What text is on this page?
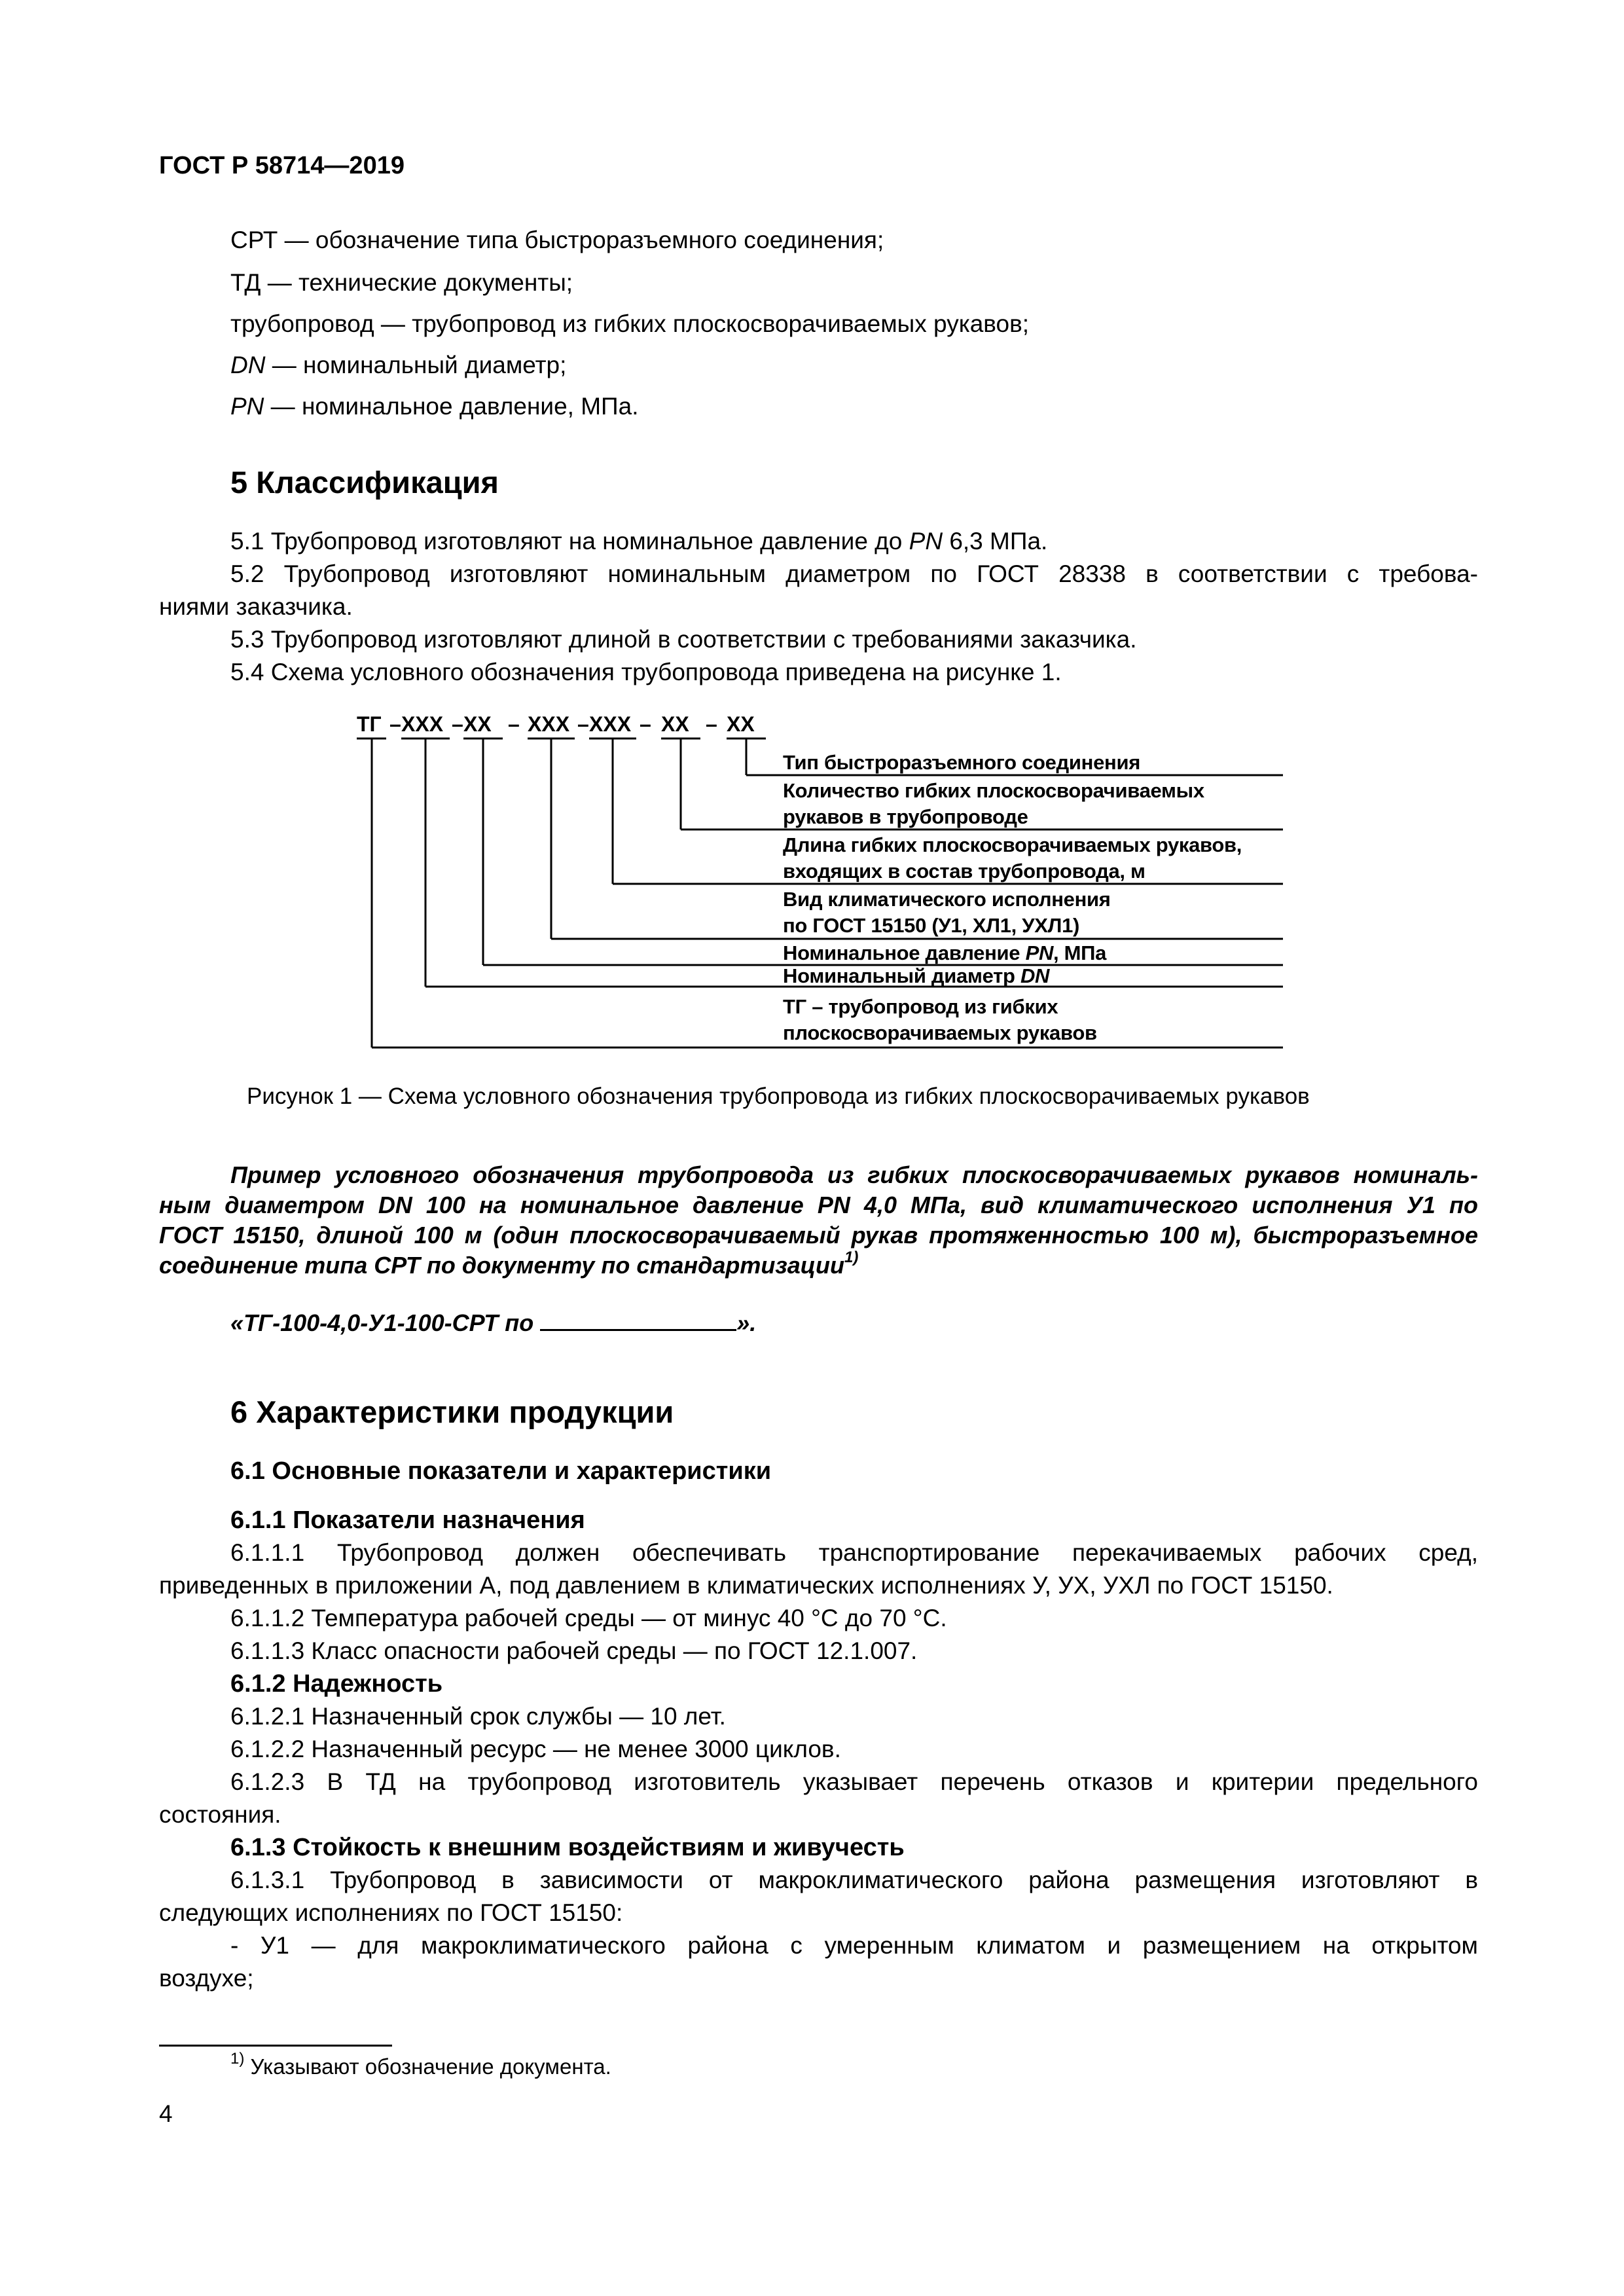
ГОСТ Р 58714—2019
СРТ — обозначение типа быстроразъемного соединения;
ТД — технические документы;
трубопровод — трубопровод из гибких плоскосворачиваемых рукавов;
DN — номинальный диаметр;
PN — номинальное давление, МПа.
5 Классификация
5.1 Трубопровод изготовляют на номинальное давление до PN 6,3 МПа.
5.2 Трубопровод изготовляют номинальным диаметром по ГОСТ 28338 в соответствии с требова-
ниями заказчика.
5.3 Трубопровод изготовляют длиной в соответствии с требованиями заказчика.
5.4 Схема условного обозначения трубопровода приведена на рисунке 1.
ТГ – ХХХ – ХХ – ХХХ – ХХХ – ХХ – ХХ
Тип быстроразъемного соединения
Количество гибких плоскосворачиваемых
рукавов в трубопроводе
Длина гибких плоскосворачиваемых рукавов,
входящих в состав трубопровода, м
Вид климатического исполнения
по ГОСТ 15150 (У1, ХЛ1, УХЛ1)
Номинальное давление PN, МПа
Номинальный диаметр DN
ТГ – трубопровод из гибких
плоскосворачиваемых рукавов
Рисунок 1 — Схема условного обозначения трубопровода из гибких плоскосворачиваемых рукавов
Пример условного обозначения трубопровода из гибких плоскосворачиваемых рукавов номиналь-
ным диаметром DN 100 на номинальное давление PN 4,0 МПа, вид климатического исполнения У1 по
ГОСТ 15150, длиной 100 м (один плоскосворачиваемый рукав протяженностью 100 м), быстроразъемное
соединение типа СРТ по документу по стандартизации$^{1)}$
«ТГ-100-4,0-У1-100-СРТ по	».
6 Характеристики продукции
6.1 Основные показатели и характеристики
6.1.1 Показатели назначения
6.1.1.1 Трубопровод должен обеспечивать транспортирование перекачиваемых рабочих сред,
приведенных в приложении А, под давлением в климатических исполнениях У, УХ, УХЛ по ГОСТ 15150.
6.1.1.2 Температура рабочей среды — от минус 40 °С до 70 °С.
6.1.1.3 Класс опасности рабочей среды — по ГОСТ 12.1.007.
6.1.2 Надежность
6.1.2.1 Назначенный срок службы — 10 лет.
6.1.2.2 Назначенный ресурс — не менее 3000 циклов.
6.1.2.3 В ТД на трубопровод изготовитель указывает перечень отказов и критерии предельного
состояния.
6.1.3 Стойкость к внешним воздействиям и живучесть
6.1.3.1 Трубопровод в зависимости от макроклиматического района размещения изготовляют в
следующих исполнениях по ГОСТ 15150:
- У1 — для макроклиматического района с умеренным климатом и размещением на открытом
воздухе;
$^{1)}$ Указывают обозначение документа.
4
